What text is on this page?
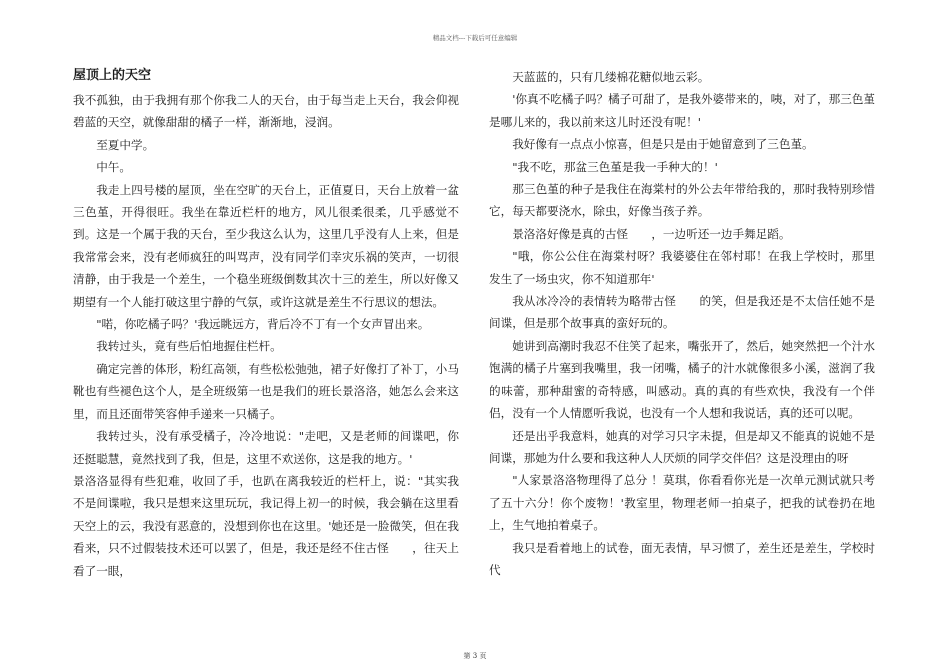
精品文档---下载后可任意编辑
屋顶上的天空

我不孤独，由于我拥有那个你我二人的天台，由于每当走上天台，我会仰视碧蓝的天空，就像甜甜的橘子一样，渐渐地，浸润。

至夏中学。

中午。

我走上四号楼的屋顶，坐在空旷的天台上，正值夏日，天台上放着一盆三色堇，开得很旺。我坐在靠近栏杆的地方，风儿很柔很柔，几乎感觉不到。这是一个属于我的天台，至少我这么认为，这里几乎没有人上来，但是我常常会来，没有老师疯狂的叫骂声，没有同学们幸灾乐祸的笑声，一切很清静，由于我是一个差生，一个稳坐班级倒数其次十三的差生，所以好像又期望有一个人能打破这里宁静的气氛，或许这就是差生不行思议的想法。

"喏，你吃橘子吗？'我远眺远方，背后冷不丁有一个女声冒出来。

我转过头，竟有些后怕地握住栏杆。

确定完善的体形，粉红高领，有些松松弛弛，裙子好像打了补丁，小马靴也有些褪色这个人，是全班级第一也是我们的班长景洛洛，她怎么会来这里，而且还面带笑容伸手递来一只橘子。

我转过头，没有承受橘子，冷冷地说："走吧，又是老师的间谍吧，你还挺聪慧，竟然找到了我，但是，这里不欢送你，这是我的地方。'

景洛洛显得有些犯难，收回了手，也趴在离我较近的栏杆上，说："其实我不是间谍啦，我只是想来这里玩玩，我记得上初一的时候，我会躺在这里看天空上的云，我没有恶意的，没想到你也在这里。'她还是一脸微笑，但在我看来，只不过假装技术还可以罢了，但是，我还是经不住古怪　　，往天上看了一眼，

天蓝蓝的，只有几缕棉花糖似地云彩。

'你真不吃橘子吗？橘子可甜了，是我外婆带来的，咦，对了，那三色堇是哪儿来的，我以前来这儿时还没有呢！'

我好像有一点点小惊喜，但是只是由于她留意到了三色堇。

"我不吃，那盆三色堇是我一手种大的！'

那三色堇的种子是我住在海棠村的外公去年带给我的，那时我特别珍惜它，每天都要浇水，除虫，好像当孩子养。

景洛洛好像是真的古怪　　，一边听还一边手舞足蹈。

"哦，你公公住在海棠村呀？我婆婆住在邻村耶！在我上学校时，那里发生了一场虫灾，你不知道那年'

我从冰冷冷的表情转为略带古怪　　的笑，但是我还是不太信任她不是间谍，但是那个故事真的蛮好玩的。

她讲到高潮时我忍不住笑了起来，嘴张开了，然后，她突然把一个汁水饱满的橘子片塞到我嘴里，我一闭嘴，橘子的汁水就像很多小溪，滋润了我的味蕾，那种甜蜜的奇特感，叫感动。真的真的有些欢快，我没有一个伴侣，没有一个人情愿听我说，也没有一个人想和我说话，真的还可以呢。

还是出乎我意料，她真的对学习只字未提，但是却又不能真的说她不是间谍，那她为什么要和我这种人人厌烦的同学交伴侣？这是没理由的呀

"人家景洛洛物理得了总分 ！莫琪，你看看你光是一次单元测试就只考了五十六分！你个废物！'教室里，物理老师一拍桌子，把我的试卷扔在地上，生气地拍着桌子。

我只是看着地上的试卷，面无表情，早习惯了，差生还是差生，学校时代

第 3 页
